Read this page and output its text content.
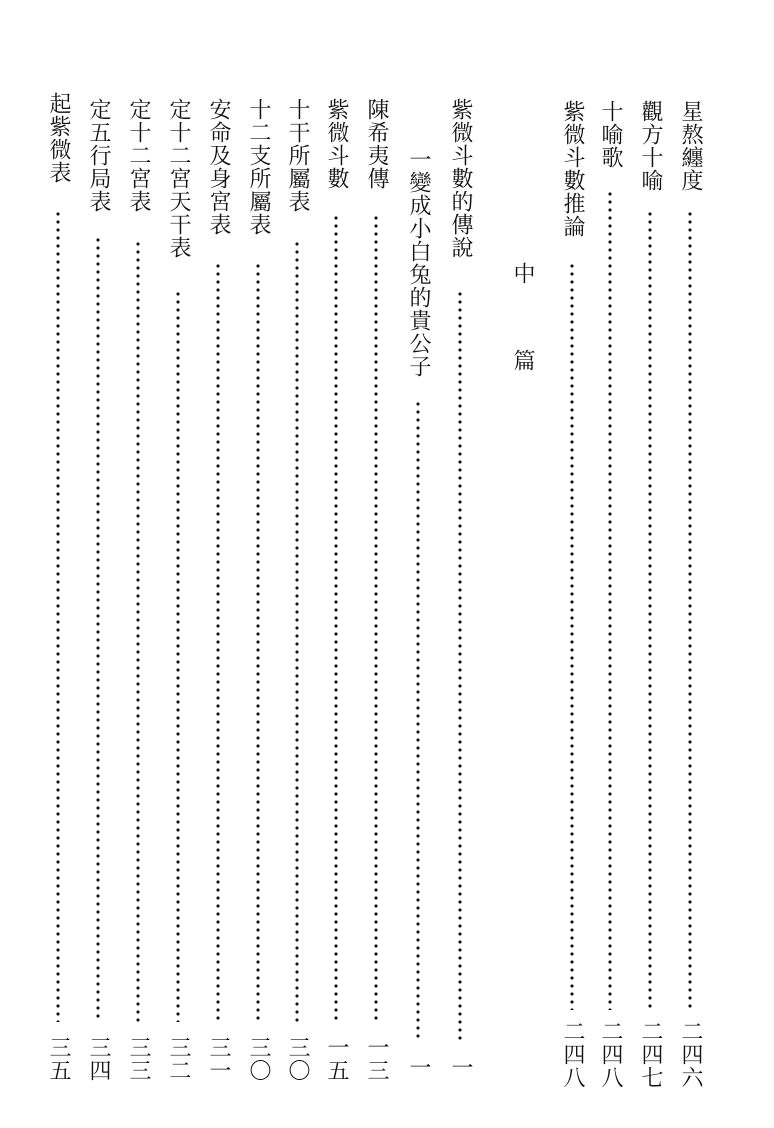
星熬纏度
二四六
觀方十喻
二四七
十喻歌
二四八
紫微斗數推論
二四八
中 篇
紫微斗數的傳說
一
一變成小白兔的貴公子
一
陳希夷傳
一三
紫微斗數
一五
十干所屬表
三〇
十二支所屬表
三〇
安命及身宮表
三一
定十二宮天干表
三二
定十二宮表
三三
定五行局表
三四
起紫微表
三五
